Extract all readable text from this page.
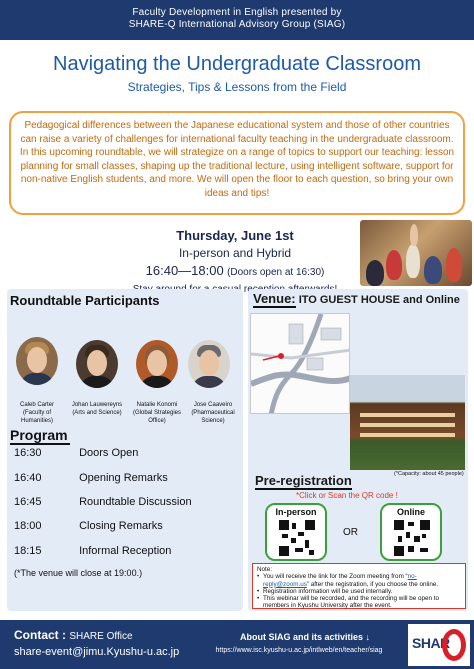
Faculty Development in English presented by
SHARE-Q International Advisory Group (SIAG)
Navigating the Undergraduate Classroom
Strategies, Tips & Lessons from the Field
Pedagogical differences between the Japanese educational system and those of other countries can raise a variety of challenges for international faculty teaching in the undergraduate classroom. In this upcoming roundtable, we will strategize on a range of topics to support our teaching: lesson planning for small classes, shaping up the traditional lecture, using intelligent software, support for non-native English students, and more. We will open the floor to each question, so bring your own ideas and tips!
Thursday, June 1st
In-person and Hybrid
16:40—18:00 (Doors open at 16:30)
Roundtable Participants
Caleb Carter
(Faculty of Humanities)
Johan Lauwereyns
(Arts and Science)
Natalie Konomi
(Global Strategies Office)
Jose Caaveiro
(Pharmaceutical Science)
Program
16:30	Doors Open
16:40	Opening Remarks
16:45	Roundtable Discussion
18:00	Closing Remarks
18:15	Informal Reception
(*The venue will close at 19:00.)
Venue: ITO GUEST HOUSE and Online
(*Capacity: about 45 people)
Pre-registration
*Click or Scan the QR code !
In-person
OR
Online
Note:
• You will receive the link for the Zoom meeting from “no-reply@zoom.us” after the registration, if you choose the online.
• Registration information will be used internally.
• This webinar will be recorded, and the recording will be open to members in Kyushu University after the event.
Contact : SHARE Office
share-event@jimu.Kyushu-u.ac.jp
About SIAG and its activities ↓
https://www.isc.kyushu-u.ac.jp/intlweb/en/teacher/siag	SHAR
